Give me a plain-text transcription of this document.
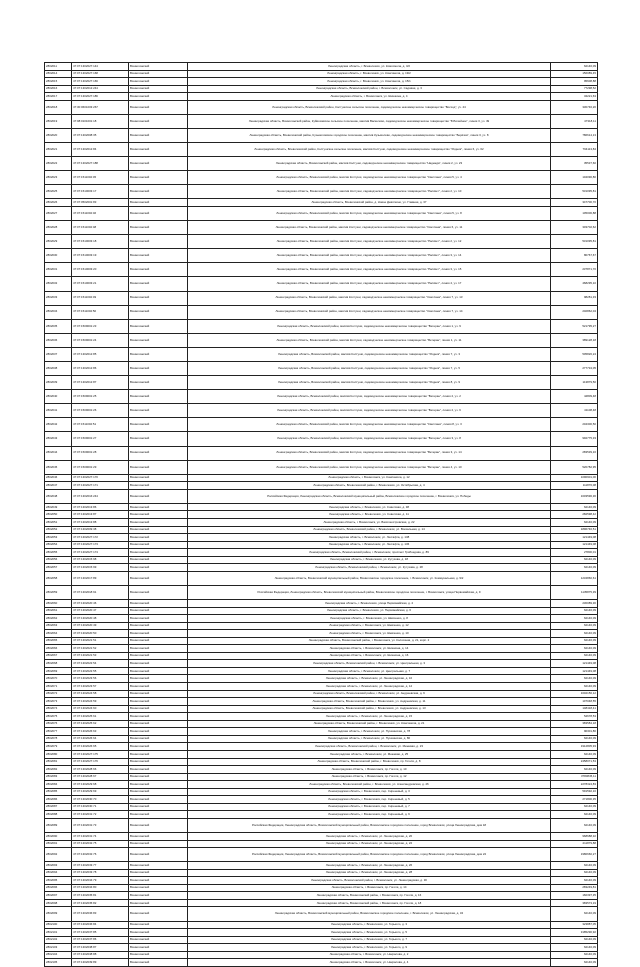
2802011	47:07:1302027:144	Всеволожский	Ленинградская область, г. Всеволожск, ул. Комсомола, д. 3/2	62146,09
2802014	47:07:1302027:168	Всеволожский	Ленинградская область, г. Всеволожск, ул. Комсомола, д. 19/2	156089,45
2802015	47:07:1302027:166	Всеволожский	Ленинградская область, г. Всеволожск, ул. Комсомола, д. 15/1	95608,88
2802016	47:07:1302012:244	Всеволожский	Ленинградская область, Всеволожский район, г. Всеволожск, ул. Садовая, д. 3	77298,52
2802017	47:07:1302027:186	Всеволожский	Ленинградская область, г. Всеволожск, ул. Шишкина, д. 4	34221,63
2802018	47:30:0601003:267	Всеволожский	Ленинградская область, Всеволожский район, Колтушское сельское поселение, садоводческое некоммерческое товарищество "Восход", уч. 44	330746,20
2802019	47:08:0101001:18	Всеволожский	Ленинградская область, Всеволожский район, Куйвозовское сельское поселение, массив Васкелово, садоводческое некоммерческое товарищество "Юбилейное", линия 3, уч. 49	47318,11
2802020	47:07:1302008:35	Всеволожский	Ленинградская область, Всеволожский район, Кузьмоловское городское поселение, массив Кузьмолово, садоводческое некоммерческое товарищество "Берёзка", линия 3, уч. 8	786614,13
2802021	47:07:1302012:84	Всеволожский	Ленинградская область, Всеволожский район, Колтушское сельское поселение, массив Колтуши, садоводческое некоммерческое товарищество "Родник", линия 6, уч. 62	794113,84
2802022	47:07:1302027:188	Всеволожский	Ленинградская область, Всеволожский район, массив Колтуши, садоводческое некоммерческое товарищество "Надежда", линия 2, уч. 23	35537,60
2802023	47:07:1511002:45	Всеволожский	Ленинградская область, Всеволожский район, массив Колтуши, садоводческое некоммерческое товарищество "Светлана", линия 5, уч. 4	104090,80
2802025	47:07:1510003:17	Всеволожский	Ленинградская область, Всеволожский район, массив Колтуши, садоводческое некоммерческое товарищество "Рассвет", линия 2, уч. 10	531095,81
2802026	47:07:0502001:83	Всеволожский	Ленинградская область, Всеволожский район, д. Новое Девяткино, ул. Главная, д. 37	347700,70
2802027	47:07:1511002:46	Всеволожский	Ленинградская область, Всеволожский район, массив Колтуши, садоводческое некоммерческое товарищество "Светлана", линия 5, уч. 8	105006,88
2802028	47:07:1511002:48	Всеволожский	Ленинградская область, Всеволожский район, массив Колтуши, садоводческое некоммерческое товарищество "Светлана", линия 6, уч. 11	303702,62
2802029	47:07:1510003:18	Всеволожский	Ленинградская область, Всеволожский район, массив Колтуши, садоводческое некоммерческое товарищество "Рассвет", линия 2, уч. 12	531095,81
2802030	47:07:1510003:19	Всеволожский	Ленинградская область, Всеволожский район, массив Колтуши, садоводческое некоммерческое товарищество "Рассвет", линия 3, уч. 14	80767,67
2802031	47:07:1510003:20	Всеволожский	Ленинградская область, Всеволожский район, массив Колтуши, садоводческое некоммерческое товарищество "Рассвет", линия 3, уч. 15	237871,70
2802032	47:07:1510003:21	Всеволожский	Ленинградская область, Всеволожский район, массив Колтуши, садоводческое некоммерческое товарищество "Рассвет", линия 4, уч. 17	468295,10
2802033	47:07:1511002:49	Всеволожский	Ленинградская область, Всеволожский район, массив Колтуши, садоводческое некоммерческое товарищество "Светлана", линия 7, уч. 13	98281,33
2802034	47:07:1511002:50	Всеволожский	Ленинградская область, Всеволожский район, массив Колтуши, садоводческое некоммерческое товарищество "Светлана", линия 7, уч. 14	240862,04
2802035	47:07:1509001:23	Всеволожский	Ленинградская область, Всеволожский район, массив Колтуши, садоводческое некоммерческое товарищество "Ветеран", линия 1, уч. 9	521795,27
2802036	47:07:1509001:24	Всеволожский	Ленинградская область, Всеволожский район, массив Колтуши, садоводческое некоммерческое товарищество "Ветеран", линия 1, уч. 11	389128,18
2802037	47:07:1302012:85	Всеволожский	Ленинградская область, Всеволожский район, массив Колтуши, садоводческое некоммерческое товарищество "Родник", линия 7, уч. 3	505826,24
2802038	47:07:1302012:86	Всеволожский	Ленинградская область, Всеволожский район, массив Колтуши, садоводческое некоммерческое товарищество "Родник", линия 7, уч. 5	277734,05
2802039	47:07:1302012:87	Всеволожский	Ленинградская область, Всеволожский район, массив Колтуши, садоводческое некоммерческое товарищество "Родник", линия 8, уч. 9	113879,50
2802040	47:07:1509001:25	Всеволожский	Ленинградская область, Всеволожский район, массив Колтуши, садоводческое некоммерческое товарищество "Ветеран", линия 2, уч. 2	44809,48
2802041	47:07:1509001:26	Всеволожский	Ленинградская область, Всеволожский район, массив Колтуши, садоводческое некоммерческое товарищество "Ветеран", линия 2, уч. 6	41108,48
2802042	47:07:1511002:51	Всеволожский	Ленинградская область, Всеволожский район, массив Колтуши, садоводческое некоммерческое товарищество "Светлана", линия 8, уч. 3	204300,50
2802043	47:07:1509001:27	Всеволожский	Ленинградская область, Всеволожский район, массив Колтуши, садоводческое некоммерческое товарищество "Ветеран", линия 3, уч. 8	992775,33
2802044	47:07:1509001:28	Всеволожский	Ленинградская область, Всеволожский район, массив Колтуши, садоводческое некоммерческое товарищество "Ветеран", линия 3, уч. 14	283539,16
2802045	47:07:1509001:29	Всеволожский	Ленинградская область, Всеволожский район, массив Колтуши, садоводческое некоммерческое товарищество "Ветеран", линия 4, уч. 10	520782,95
2802046	47:07:1302027:170	Всеволожский	Ленинградская область, г. Всеволожск, ул. Комсомола, д. 12	1090901,00
2802047	47:07:1302027:171	Всеволожский	Ленинградская область, Всеволожский район, г. Всеволожск, ул. Октябрьская, д. 4	111876,08
2802048	47:07:1302016:244	Всеволожский	Российская Федерация, Ленинградская область, Всеволожский муниципальный район, Всеволожское городское поселение, г. Всеволожск, ул. Победы	1603596,36
2802049	47:07:1302013:86	Всеволожский	Ленинградская область, г. Всеволожск, ул. Советская, д. 38	62146,09
2802050	47:07:1302013:87	Всеволожский	Ленинградская область, г. Всеволожск, ул. Советская, д. 11	282598,42
2802051	47:07:1302013:88	Всеволожский	Ленинградская область, г. Всеволожск, ул. Василеостровская, д. 22	62146,09
2802052	47:07:1302009:38	Всеволожский	Ленинградская область, Всеволожский район, г. Всеволожск, ул. Вокзальная, д. 14	1896746,51
2802053	47:07:1302027:172	Всеволожский	Ленинградская область, г. Всеволожск, ул. Лесгафта, д. 138	121449,08
2802054	47:07:1302027:173	Всеволожский	Ленинградская область, г. Всеволожск, ул. Лесгафта, д. 136	121449,08
2802055	47:07:1302027:174	Всеволожский	Ленинградская область, Всеволожский район, г. Всеволожск, проспект Грибоедова, д. 89	27800,01
2802056	47:07:1302015:98	Всеволожский	Ленинградская область, г. Всеволожск, ул. Кутузова, д. 18	62146,09
2802057	47:07:1302015:99	Всеволожский	Ленинградская область, Всеволожский район, г. Всеволожск, ул. Кутузова, д. 28	62146,09
2802058	47:07:1302017:89	Всеволожский	Ленинградская область, Всеволожский муниципальный район, Всеволожское городское поселение, г. Всеволожск, ул. Коммунальная, д. 9/2	1234860,61
2802059	47:07:1302018:91	Всеволожский	Российская Федерация, Ленинградская область, Всеволожский муниципальный район, Всеволожское городское поселение, г. Всеволожск, улица Первомайская, д. 9	1135875,39
2802060	47:07:1302020:46	Всеволожский	Ленинградская область, г. Всеволожск, улица Первомайская, д. 4	230089,30
2802061	47:07:1302020:47	Всеволожский	Ленинградская область, г. Всеволожск, ул. Первомайская, д. 6	62146,09
2802062	47:07:1302020:48	Всеволожский	Ленинградская область, г. Всеволожск, ул. Шевченко, д. 8	62146,09
2802063	47:07:1302020:49	Всеволожский	Ленинградская область, г. Всеволожск, ул. Шевченко, д. 12	62146,09
2802064	47:07:1302020:50	Всеволожский	Ленинградская область, г. Всеволожск, ул. Шевченко, д. 10	62146,09
2802065	47:07:1302021:51	Всеволожский	Ленинградская область, Всеволожский район, г. Всеволожск, ул. Колхозная, д. 21, корп. 2	62146,09
2802066	47:07:1302021:52	Всеволожский	Ленинградская область, г. Всеволожск, ул. Шишкина, д. 14	62146,09
2802067	47:07:1302021:53	Всеволожский	Ленинградская область, г. Всеволожск, ул. Шишкина, д. 16	62146,09
2802068	47:07:1302022:54	Всеволожский	Ленинградская область, Всеволожский район, г. Всеволожск, ул. Центральная, д. 3	121449,08
2802069	47:07:1302022:55	Всеволожский	Ленинградская область, г. Всеволожск, ул. Центральная, д. 7	121449,08
2802070	47:07:1302023:56	Всеволожский	Ленинградская область, г. Всеволожск, ул. Ленинградская, д. 10	62146,09
2802071	47:07:1302023:57	Всеволожский	Ленинградская область, г. Всеволожск, ул. Ленинградская, д. 12	62146,09
2802072	47:07:1302024:58	Всеволожский	Ленинградская область, Всеволожский район, г. Всеволожск, ул. Андреевская, д. 9	1602156,12
2802073	47:07:1302024:59	Всеволожский	Ленинградская область, Всеволожский район, г. Всеволожск, ул. Андреевская, д. 11	107048,55
2802074	47:07:1302024:60	Всеволожский	Ленинградская область, Всеволожский район, г. Всеволожск, ул. Андреевская, д. 13	148418,41
2802075	47:07:1302025:61	Всеволожский	Ленинградская область, г. Всеволожск, ул. Ленинградская, д. 15	54678,53
2802076	47:07:1302025:62	Всеволожский	Ленинградская область, Всеволожский район, г. Всеволожск, ул. Комсомола, д. 21	383584,18
2802077	47:07:1302026:63	Всеволожский	Ленинградская область, г. Всеволожск, ул. Пушкинская, д. 78	90301,86
2802078	47:07:1302026:64	Всеволожский	Ленинградская область, г. Всеволожск, ул. Пушкинская, д. 80	62146,09
2802079	47:07:1302026:65	Всеволожский	Ленинградская область, Всеволожский район, г. Всеволожск, ул. Межевая, д. 23	1912805,93
2802080	47:07:1302027:175	Всеволожский	Ленинградская область, г. Всеволожск, ул. Межевая, д. 25	62146,09
2802081	47:07:1302027:176	Всеволожский	Ленинградская область, Всеволожский район, г. Всеволожск, пр. Гоголя, д. 8	2458071,53
2802082	47:07:1302028:66	Всеволожский	Ленинградская область, г. Всеволожск, пр. Гоголя, д. 10	62146,09
2802083	47:07:1302028:67	Всеволожский	Ленинградская область, г. Всеволожск, пр. Гоголя, д. 12	3780845,11
2802084	47:07:1302029:68	Всеволожский	Ленинградская область, Всеволожский район, г. Всеволожск, ул. Александровская, д. 46	2278324,83
2802085	47:07:1302029:69	Всеволожский	Ленинградская область, г. Всеволожск, пер. Сиреневый, д. 3	591592,16
2802086	47:07:1302030:70	Всеволожский	Ленинградская область, г. Всеволожск, пер. Сиреневый, д. 5	271800,35
2802087	47:07:1302030:71	Всеволожский	Ленинградская область, г. Всеволожск, пер. Сиреневый, д. 7	62146,09
2802088	47:07:1302031:72	Всеволожский	Ленинградская область, г. Всеволожск, пер. Сиреневый, д. 9	62146,09
2802089	47:07:1302031:73	Всеволожский	Российская Федерация, Ленинградская область, Всеволожский муниципальный район, Всеволожское городское поселение, город Всеволожск, улица Ленинградская, дом 18	62146,09
2802090	47:07:1302031:74	Всеволожский	Ленинградская область, г. Всеволожск, ул. Ленинградская, д. 20	968688,32
2802091	47:07:1302032:75	Всеволожский	Ленинградская область, г. Всеволожск, ул. Ленинградская, д. 22	211879,88
2802092	47:07:1302032:76	Всеволожский	Российская Федерация, Ленинградская область, Всеволожский муниципальный район, Всеволожское городское поселение, город Всеволожск, улица Ленинградская, дом 24	1980660,27
2802093	47:07:1302033:77	Всеволожский	Ленинградская область, г. Всеволожск, ул. Ленинградская, д. 26	62146,09
2802094	47:07:1302033:78	Всеволожский	Ленинградская область, г. Всеволожск, ул. Ленинградская, д. 28	62146,09
2802095	47:07:1302034:79	Всеволожский	Ленинградская область, Всеволожский район, г. Всеволожск, ул. Ленинградская, д. 30	62146,09
2802096	47:07:1302034:80	Всеволожский	Ленинградская область, г. Всеволожск, пр. Гоголя, д. 14	283249,81
2802097	47:07:1302035:81	Всеволожский	Ленинградская область, Всеволожский район, г. Всеволожск, пр. Гоголя, д. 16	160397,35
2802098	47:07:1302035:82	Всеволожский	Ленинградская область, Всеволожский район, г. Всеволожск, пр. Гоголя, д. 18	383573,19
2802099	47:07:1302036:83	Всеволожский	Ленинградская область, Всеволожский муниципальный район, Всеволожское городское поселение, г. Всеволожск, ул. Ленинградская, д. 34	62146,09
2802100	47:07:1302036:84	Всеволожский	Ленинградская область, г. Всеволожск, ул. Горького, д. 3	323887,05
2802101	47:07:1302037:85	Всеволожский	Ленинградская область, г. Всеволожск, ул. Горького, д. 5	3185290,92
2802102	47:07:1302037:86	Всеволожский	Ленинградская область, г. Всеволожск, ул. Горького, д. 7	62146,09
2802103	47:07:1302038:87	Всеволожский	Ленинградская область, г. Всеволожск, ул. Горького, д. 9	62146,09
2802104	47:07:1302038:88	Всеволожский	Ленинградская область, г. Всеволожск, ул. Некрасова, д. 2	62146,09
2802105	47:07:1302039:89	Всеволожский	Ленинградская область, г. Всеволожск, ул. Некрасова, д. 4	62146,09
